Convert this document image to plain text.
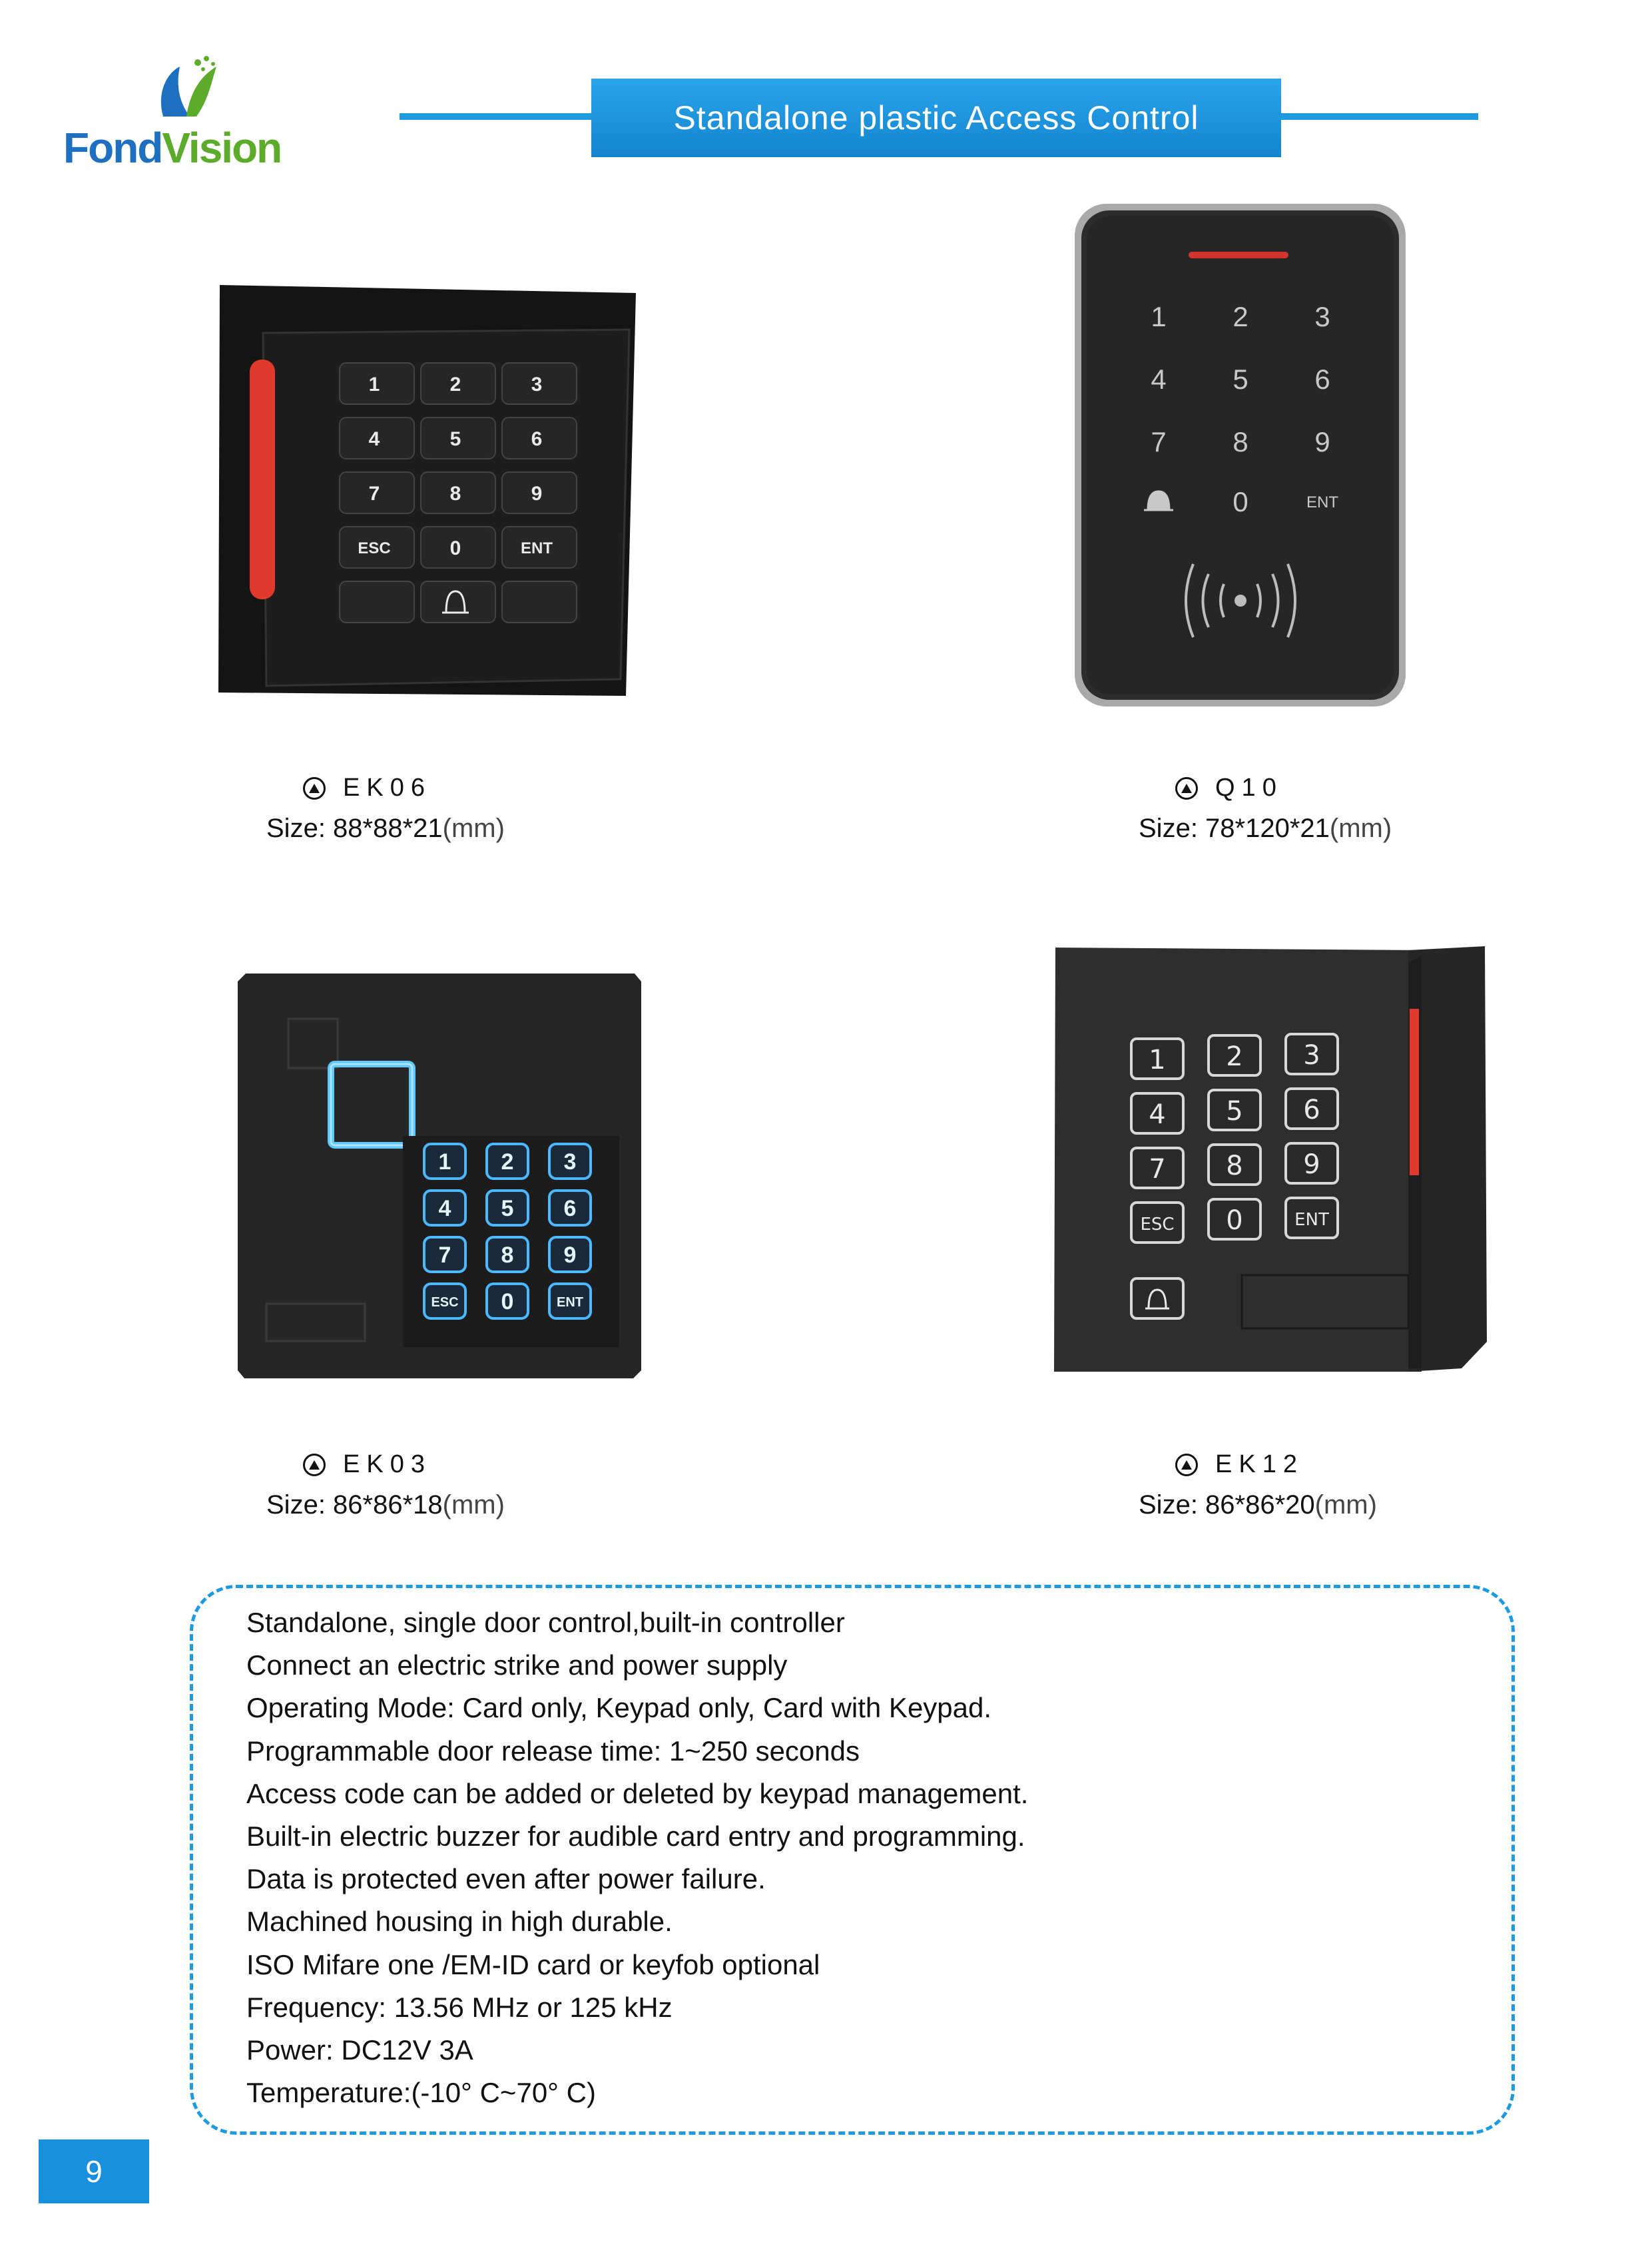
FondVision
Standalone plastic Access Control
1	2	3
4	5	6
7	8	9
ESC	0	ENT
1 2 3
4 5 6
7 8 9
0	ENT
1 2 3
4 5 6
7 8 9
ESC 0	ENT
1 2 3
4 5 6
7 8 9
ESC 0	ENT
EK06
Size: 88*88*21(mm)
Q10
Size: 78*120*21(mm)
EK03
Size: 86*86*18(mm)
EK12
Size: 86*86*20(mm)
Standalone, single door control,built-in controller
Connect an electric strike and power supply
Operating Mode: Card only, Keypad only, Card with Keypad.
Programmable door release time: 1~250 seconds
Access code can be added or deleted by keypad management.
Built-in electric buzzer for audible card entry and programming.
Data is protected even after power failure.
Machined housing in high durable.
ISO Mifare one /EM-ID card or keyfob optional
Frequency: 13.56 MHz or 125 kHz
Power: DC12V 3A
Temperature:(-10° C~70° C)
9
